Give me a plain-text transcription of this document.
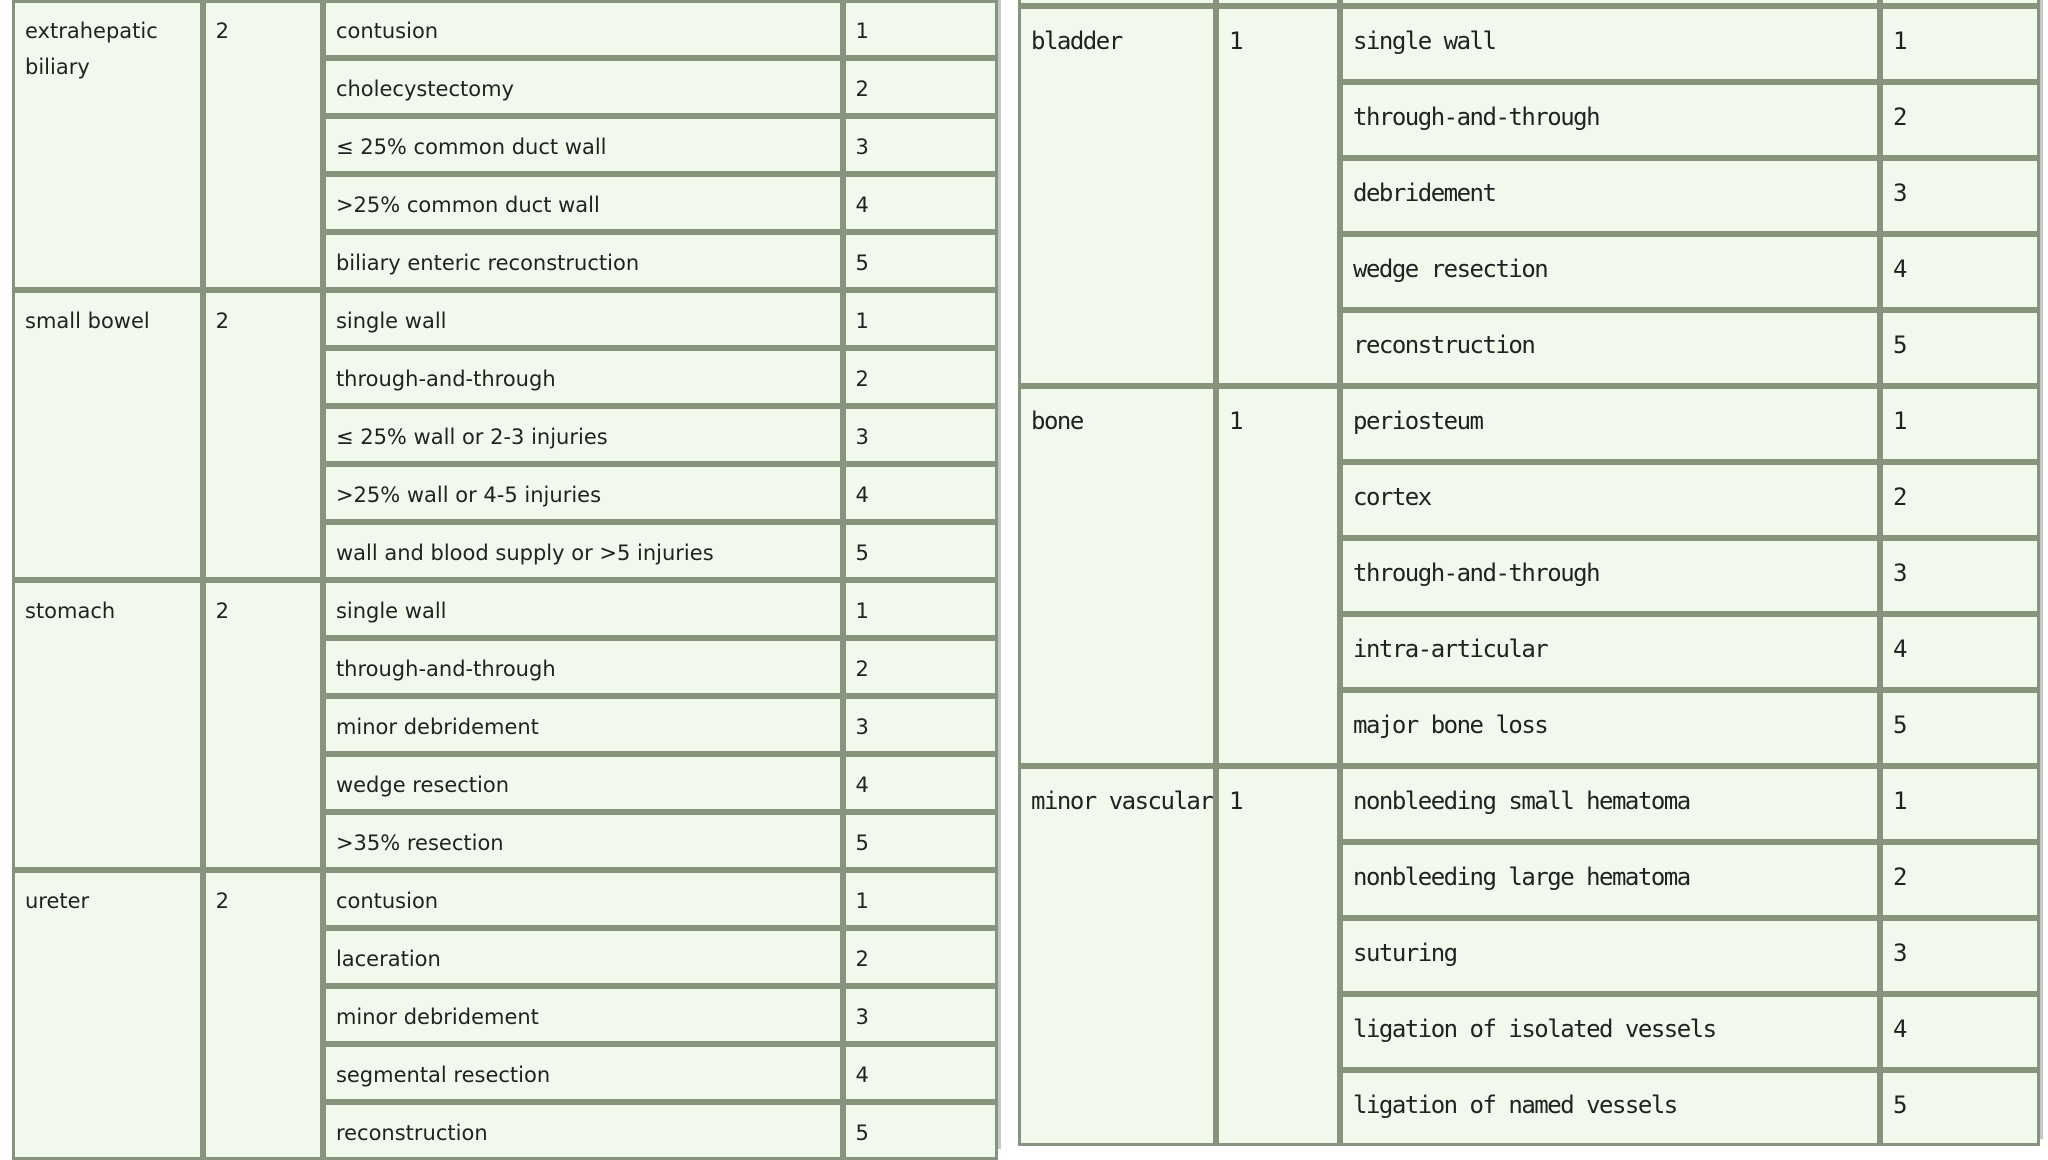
extrahepatic biliary	2	contusion	1

		cholecystectomy	2

		≤ 25% common duct wall	3

		>25% common duct wall	4

		biliary enteric reconstruction	5

small bowel	2	single wall	1

		through-and-through	2

		≤ 25% wall or 2-3 injuries	3

		>25% wall or 4-5 injuries	4

		wall and blood supply or >5 injuries	5

stomach	2	single wall	1

		through-and-through	2

		minor debridement	3

		wedge resection	4

		>35% resection	5

ureter	2	contusion	1

		laceration	2

		minor debridement	3

		segmental resection	4

		reconstruction	5

bladder	1	single wall	1

		through-and-through	2

		debridement	3

		wedge resection	4

		reconstruction	5

bone	1	periosteum	1

		cortex	2

		through-and-through	3

		intra-articular	4

		major bone loss	5

minor vascular	1	nonbleeding small hematoma	1

		nonbleeding large hematoma	2

		suturing	3

		ligation of isolated vessels	4

		ligation of named vessels	5
